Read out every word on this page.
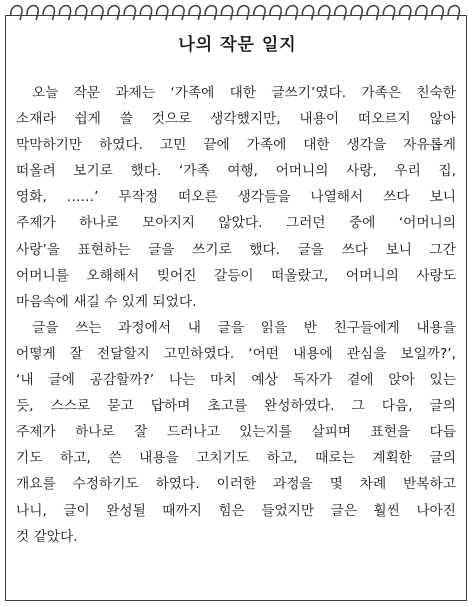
나의 작문 일지
오늘 작문 과제는 ‘가족에 대한 글쓰기’였다. 가족은 친숙한
소재라 쉽게 쓸 것으로 생각했지만, 내용이 떠오르지 않아
막막하기만 하였다. 고민 끝에 가족에 대한 생각을 자유롭게
떠올려 보기로 했다. ‘가족 여행, 어머니의 사랑, 우리 집,
영화, ……’ 무작정 떠오른 생각들을 나열해서 쓰다 보니
주제가 하나로 모아지지 않았다. 그러던 중에 ‘어머니의
사랑’을 표현하는 글을 쓰기로 했다. 글을 쓰다 보니 그간
어머니를 오해해서 빚어진 갈등이 떠올랐고, 어머니의 사랑도
마음속에 새길 수 있게 되었다.
글을 쓰는 과정에서 내 글을 읽을 반 친구들에게 내용을
어떻게 잘 전달할지 고민하였다. ‘어떤 내용에 관심을 보일까?’,
‘내 글에 공감할까?’ 나는 마치 예상 독자가 곁에 앉아 있는
듯, 스스로 묻고 답하며 초고를 완성하였다. 그 다음, 글의
주제가 하나로 잘 드러나고 있는지를 살피며 표현을 다듬
기도 하고, 쓴 내용을 고치기도 하고, 때로는 계획한 글의
개요를 수정하기도 하였다. 이러한 과정을 몇 차례 반복하고
나니, 글이 완성될 때까지 힘은 들었지만 글은 훨씬 나아진
것 같았다.
